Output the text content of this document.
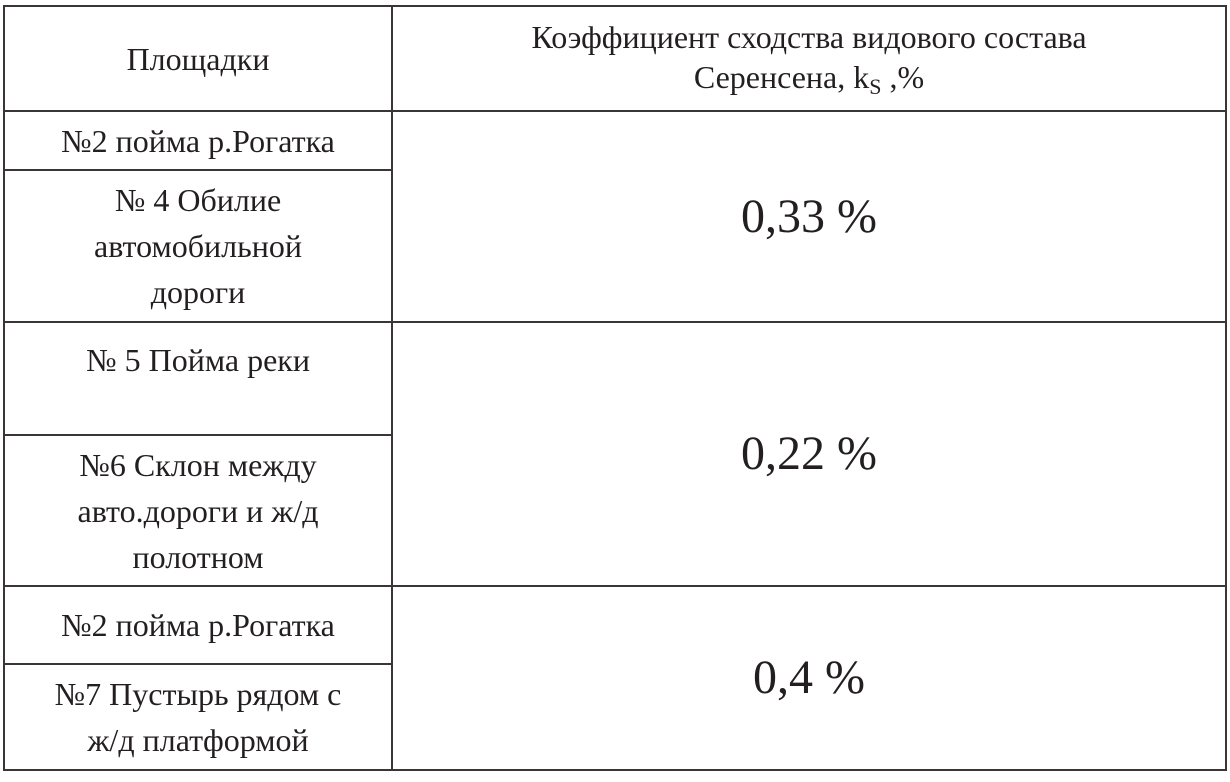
Площадки	Коэффициент сходства видового состава
Серенсена, kS ,%

№2 пойма р.Рогатка	0,33 %

№ 4 Обилие
автомобильной
дороги	

№ 5 Пойма реки	0,22 %

№6 Склон между
авто.дороги и ж/д
полотном	

№2 пойма р.Рогатка	0,4 %

№7 Пустырь рядом с
ж/д платформой	
